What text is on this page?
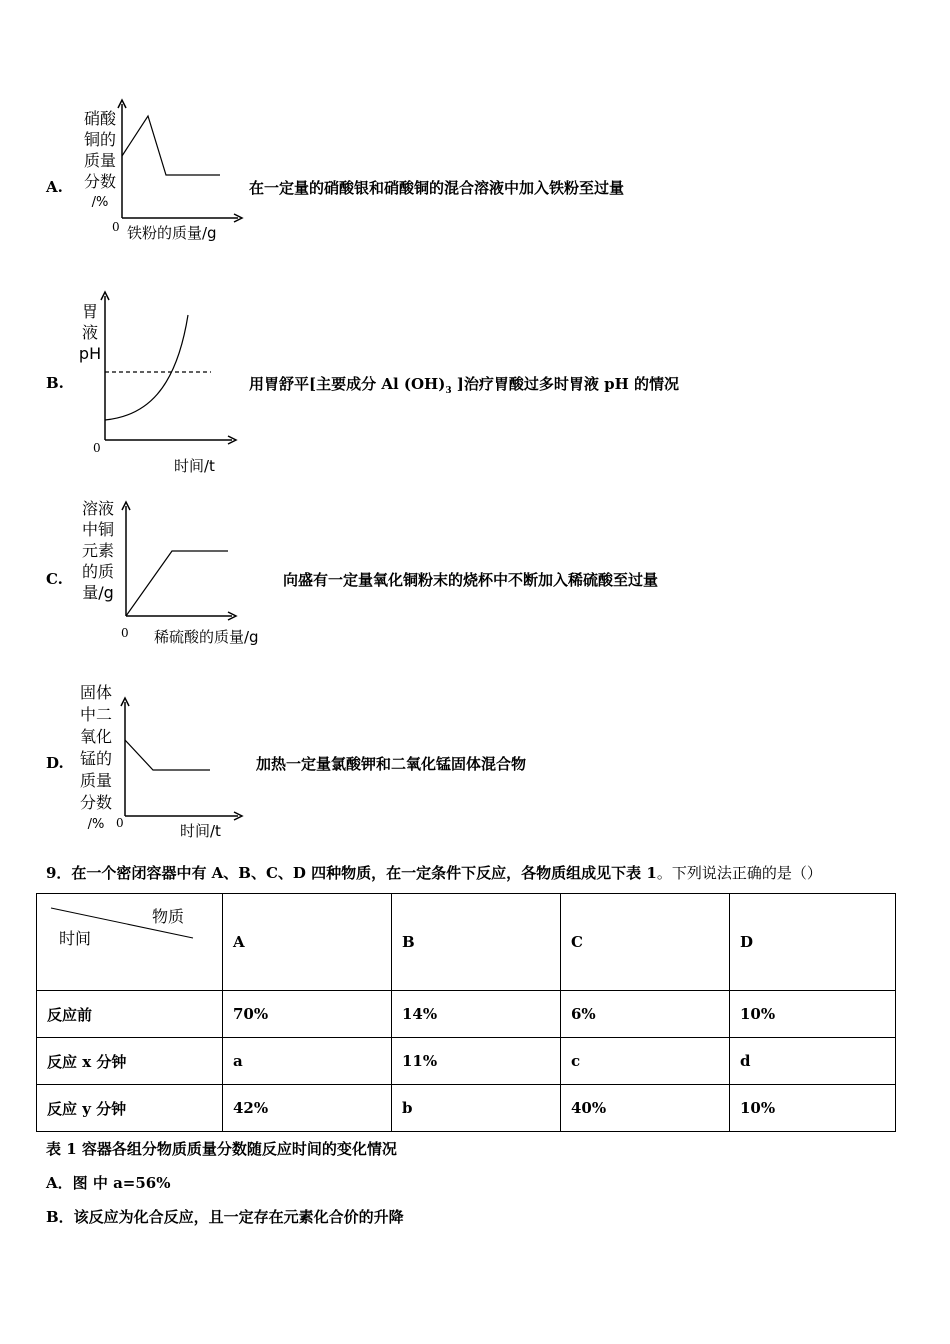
A.
硝酸
铜的
质量
分数
/%
0 铁粉的质量/g
在一定量的硝酸银和硝酸铜的混合溶液中加入铁粉至过量
B.
胃
液
pH
0
时间/t
用胃舒平[主要成分 Al $(OH)_3$ ]治疗胃酸过多时胃液 pH 的情况
C.
溶液
中铜
元素
的质
量/g
0 稀硫酸的质量/g
向盛有一定量氧化铜粉末的烧杯中不断加入稀硫酸至过量
D.
固体
中二
氧化
锰的
质量
分数
/% 0	时间/t
加热一定量氯酸钾和二氧化锰固体混合物
9．在一个密闭容器中有 A、B、C、D 四种物质，在一定条件下反应，各物质组成见下表 1。下列说法正确的是（）
物质
时间	A	B	C	D
反应前	70%	14%	6%	10%
反应 x 分钟	a	11%	c	d
反应 y 分钟	42%	b	40%	10%
表 1 容器各组分物质质量分数随反应时间的变化情况
A．图 中 a=56%
B．该反应为化合反应，且一定存在元素化合价的升降
